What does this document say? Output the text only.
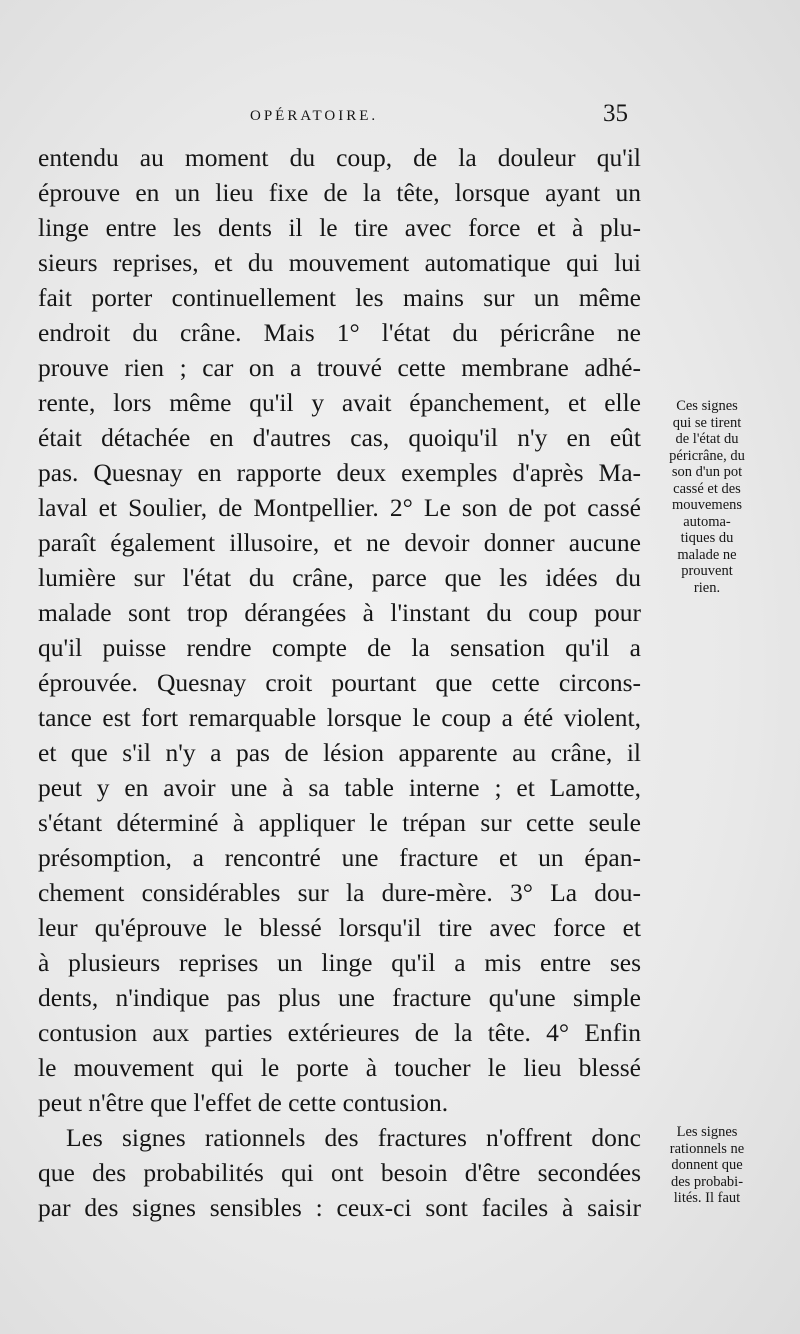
OPÉRATOIRE.	35
entendu au moment du coup, de la douleur qu'il
éprouve en un lieu fixe de la tête, lorsque ayant un
linge entre les dents il le tire avec force et à plu-
sieurs reprises, et du mouvement automatique qui lui
fait porter continuellement les mains sur un même
endroit du crâne. Mais 1° l'état du péricrâne ne
prouve rien ; car on a trouvé cette membrane adhé-
rente, lors même qu'il y avait épanchement, et elle
était détachée en d'autres cas, quoiqu'il n'y en eût
pas. Quesnay en rapporte deux exemples d'après Ma-
laval et Soulier, de Montpellier. 2° Le son de pot cassé
paraît également illusoire, et ne devoir donner aucune
lumière sur l'état du crâne, parce que les idées du
malade sont trop dérangées à l'instant du coup pour
qu'il puisse rendre compte de la sensation qu'il a
éprouvée. Quesnay croit pourtant que cette circons-
tance est fort remarquable lorsque le coup a été violent,
et que s'il n'y a pas de lésion apparente au crâne, il
peut y en avoir une à sa table interne ; et Lamotte,
s'étant déterminé à appliquer le trépan sur cette seule
présomption, a rencontré une fracture et un épan-
chement considérables sur la dure-mère. 3° La dou-
leur qu'éprouve le blessé lorsqu'il tire avec force et
à plusieurs reprises un linge qu'il a mis entre ses
dents, n'indique pas plus une fracture qu'une simple
contusion aux parties extérieures de la tête. 4° Enfin
le mouvement qui le porte à toucher le lieu blessé
peut n'être que l'effet de cette contusion.
Les signes rationnels des fractures n'offrent donc
que des probabilités qui ont besoin d'être secondées
par des signes sensibles : ceux-ci sont faciles à saisir
Ces signes
qui se tirent
de l'état du
péricrâne, du
son d'un pot
cassé et des
mouvemens
automa-
tiques du
malade ne
prouvent
rien.
Les signes
rationnels ne
donnent que
des probabi-
lités. Il faut
